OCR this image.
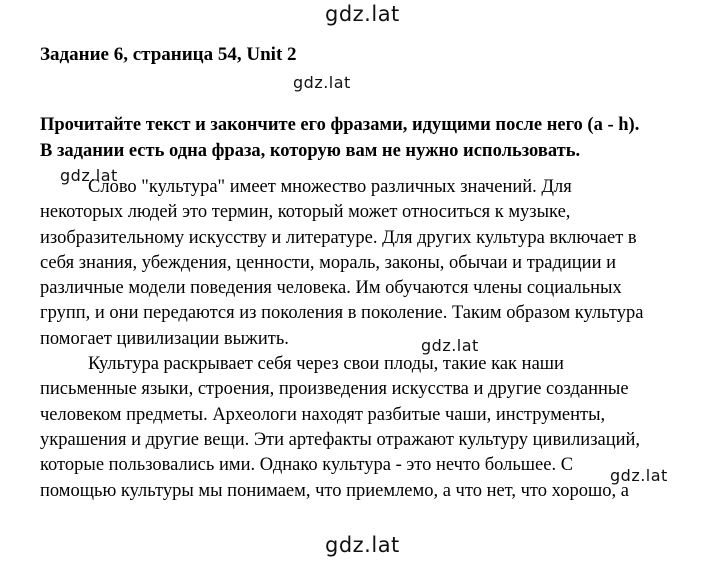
Задание 6, страница 54, Unit 2
Прочитайте текст и закончите его фразами, идущими после него (a - h).
В задании есть одна фраза, которую вам не нужно использовать.
Слово "культура" имеет множество различных значений. Для
некоторых людей это термин, который может относиться к музыке,
изобразительному искусству и литературе. Для других культура включает в
себя знания, убеждения, ценности, мораль, законы, обычаи и традиции и
различные модели поведения человека. Им обучаются члены социальных
групп, и они передаются из поколения в поколение. Таким образом культура
помогает цивилизации выжить.
Культура раскрывает себя через свои плоды, такие как наши
письменные языки, строения, произведения искусства и другие созданные
человеком предметы. Археологи находят разбитые чаши, инструменты,
украшения и другие вещи. Эти артефакты отражают культуру цивилизаций,
которые пользовались ими. Однако культура - это нечто большее. С
помощью культуры мы понимаем, что приемлемо, а что нет, что хорошо, а
gdz.lat
gdz.lat
gdz.lat
gdz.lat
gdz.lat
gdz.lat
